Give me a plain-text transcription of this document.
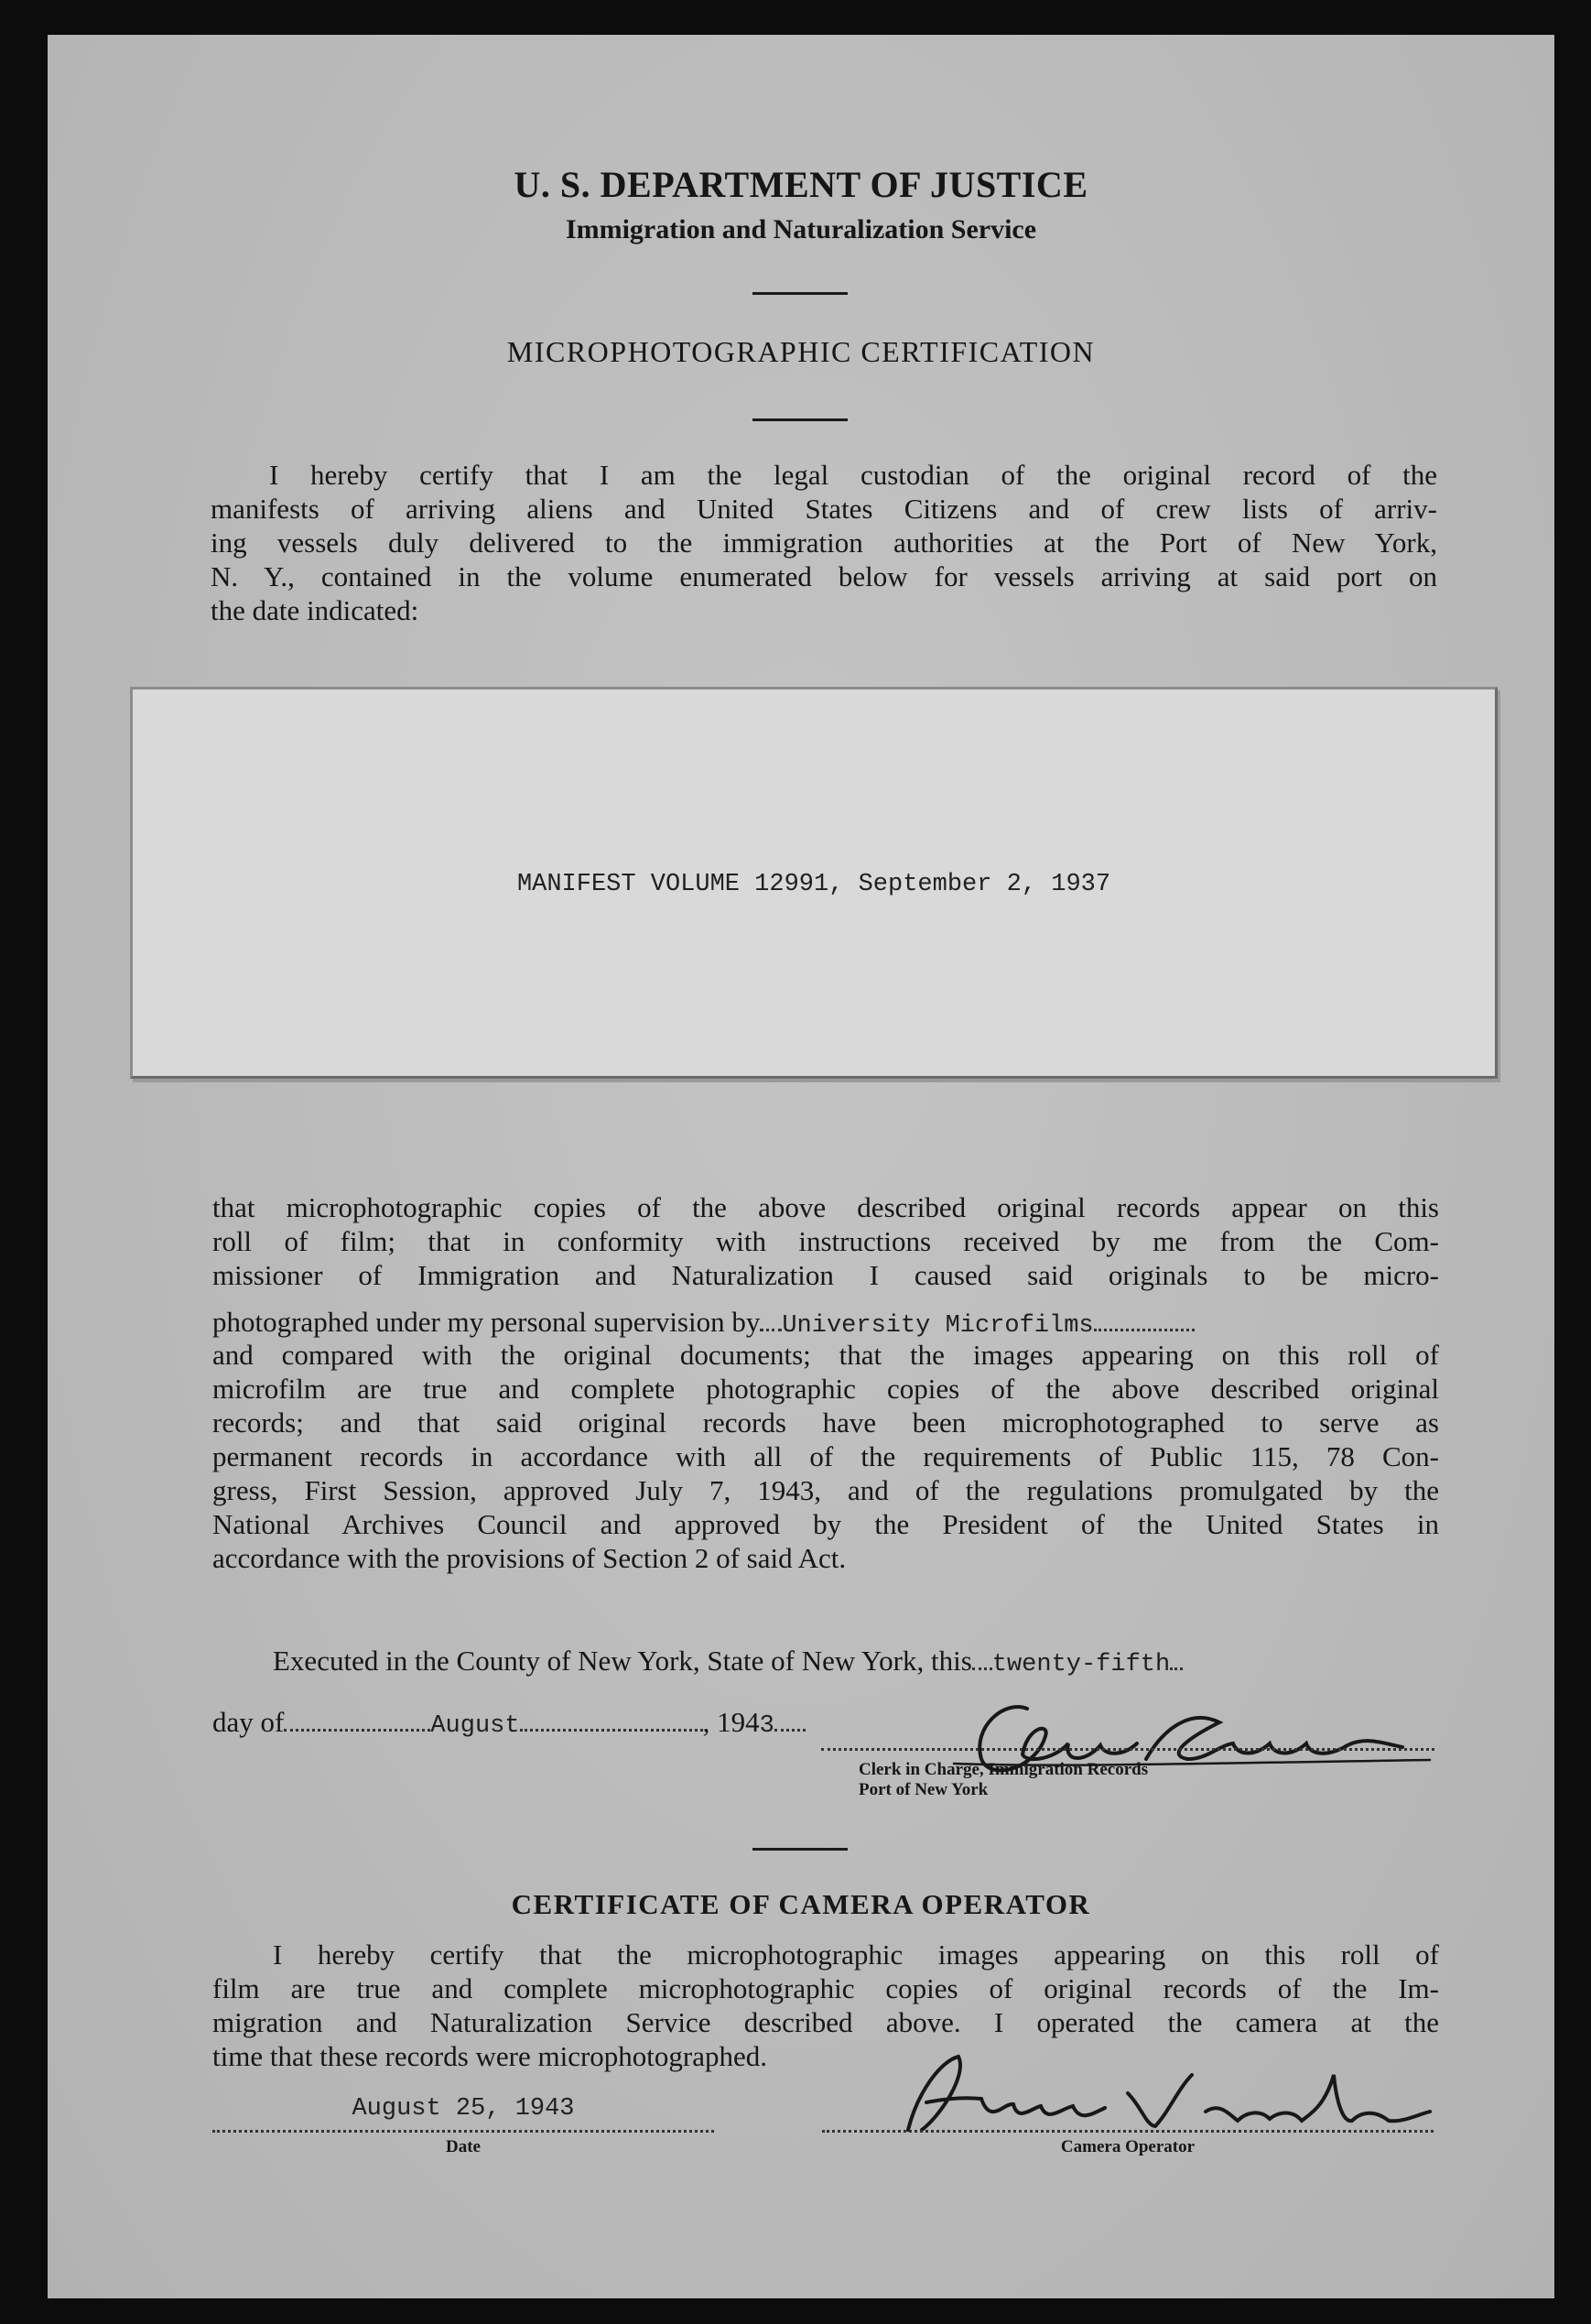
U. S. DEPARTMENT OF JUSTICE
Immigration and Naturalization Service
MICROPHOTOGRAPHIC CERTIFICATION
I hereby certify that I am the legal custodian of the original record of the
manifests of arriving aliens and United States Citizens and of crew lists of arriv-
ing vessels duly delivered to the immigration authorities at the Port of New York,
N. Y., contained in the volume enumerated below for vessels arriving at said port on
the date indicated:
MANIFEST VOLUME 12991, September 2, 1937
that microphotographic copies of the above described original records appear on this
roll of film; that in conformity with instructions received by me from the Com-
missioner of Immigration and Naturalization I caused said originals to be micro-
photographed under my personal supervision by University Microfilms
and compared with the original documents; that the images appearing on this roll of
microfilm are true and complete photographic copies of the above described original
records; and that said original records have been microphotographed to serve as
permanent records in accordance with all of the requirements of Public 115, 78 Con-
gress, First Session, approved July 7, 1943, and of the regulations promulgated by the
National Archives Council and approved by the President of the United States in
accordance with the provisions of Section 2 of said Act.
Executed in the County of New York, State of New York, this twenty-fifth
day of	August	, 1943
Clerk in Charge, Immigration Records
Port of New York
CERTIFICATE OF CAMERA OPERATOR
I hereby certify that the microphotographic images appearing on this roll of
film are true and complete microphotographic copies of original records of the Im-
migration and Naturalization Service described above. I operated the camera at the
time that these records were microphotographed.
August 25, 1943
Date	Camera Operator
